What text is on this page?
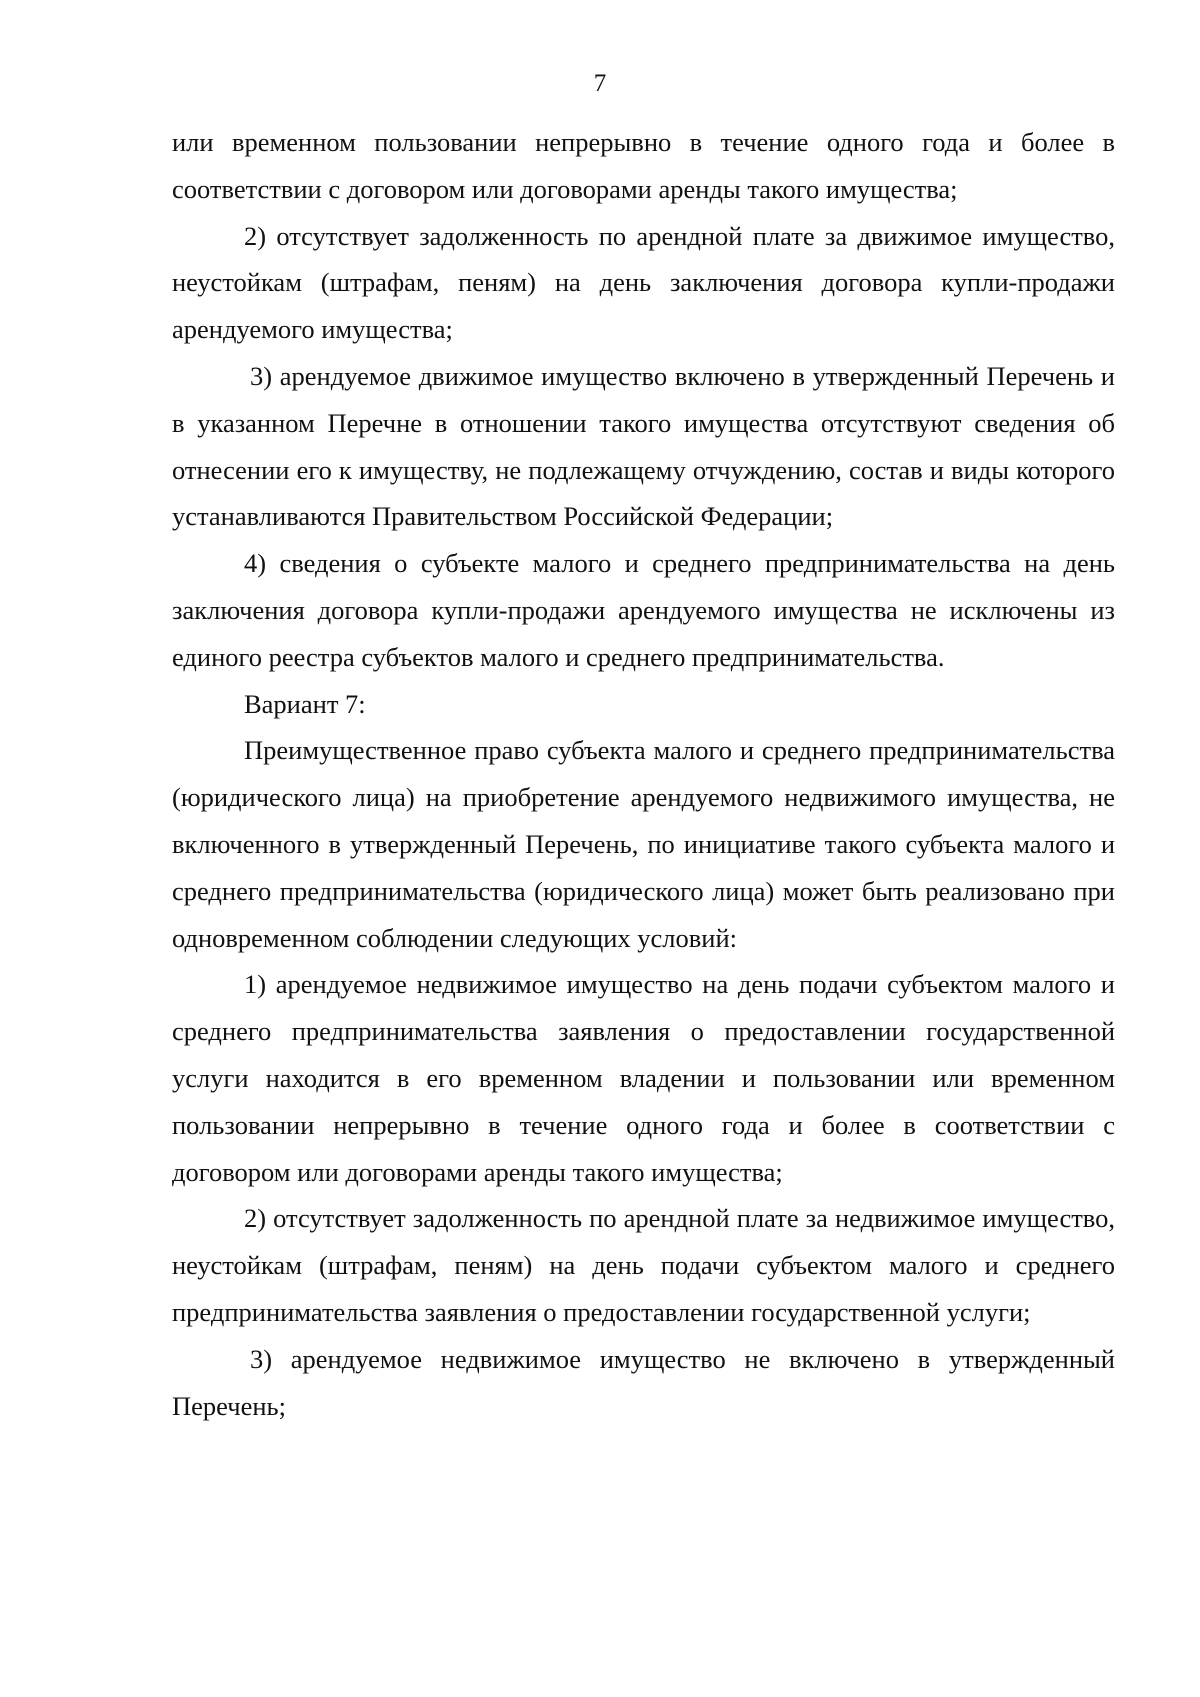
7

или временном пользовании непрерывно в течение одного года и более в соответствии с договором или договорами аренды такого имущества;

2) отсутствует задолженность по арендной плате за движимое имущество, неустойкам (штрафам, пеням) на день заключения договора купли-продажи арендуемого имущества;

3) арендуемое движимое имущество включено в утвержденный Перечень и в указанном Перечне в отношении такого имущества отсутствуют сведения об отнесении его к имуществу, не подлежащему отчуждению, состав и виды которого устанавливаются Правительством Российской Федерации;

4) сведения о субъекте малого и среднего предпринимательства на день заключения договора купли-продажи арендуемого имущества не исключены из единого реестра субъектов малого и среднего предпринимательства.

Вариант 7:

Преимущественное право субъекта малого и среднего предпринимательства (юридического лица) на приобретение арендуемого недвижимого имущества, не включенного в утвержденный Перечень, по инициативе такого субъекта малого и среднего предпринимательства (юридического лица) может быть реализовано при одновременном соблюдении следующих условий:

1) арендуемое недвижимое имущество на день подачи субъектом малого и среднего предпринимательства заявления о предоставлении государственной услуги находится в его временном владении и пользовании или временном пользовании непрерывно в течение одного года и более в соответствии с договором или договорами аренды такого имущества;

2) отсутствует задолженность по арендной плате за недвижимое имущество, неустойкам (штрафам, пеням) на день подачи субъектом малого и среднего предпринимательства заявления о предоставлении государственной услуги;

3) арендуемое недвижимое имущество не включено в утвержденный Перечень;
